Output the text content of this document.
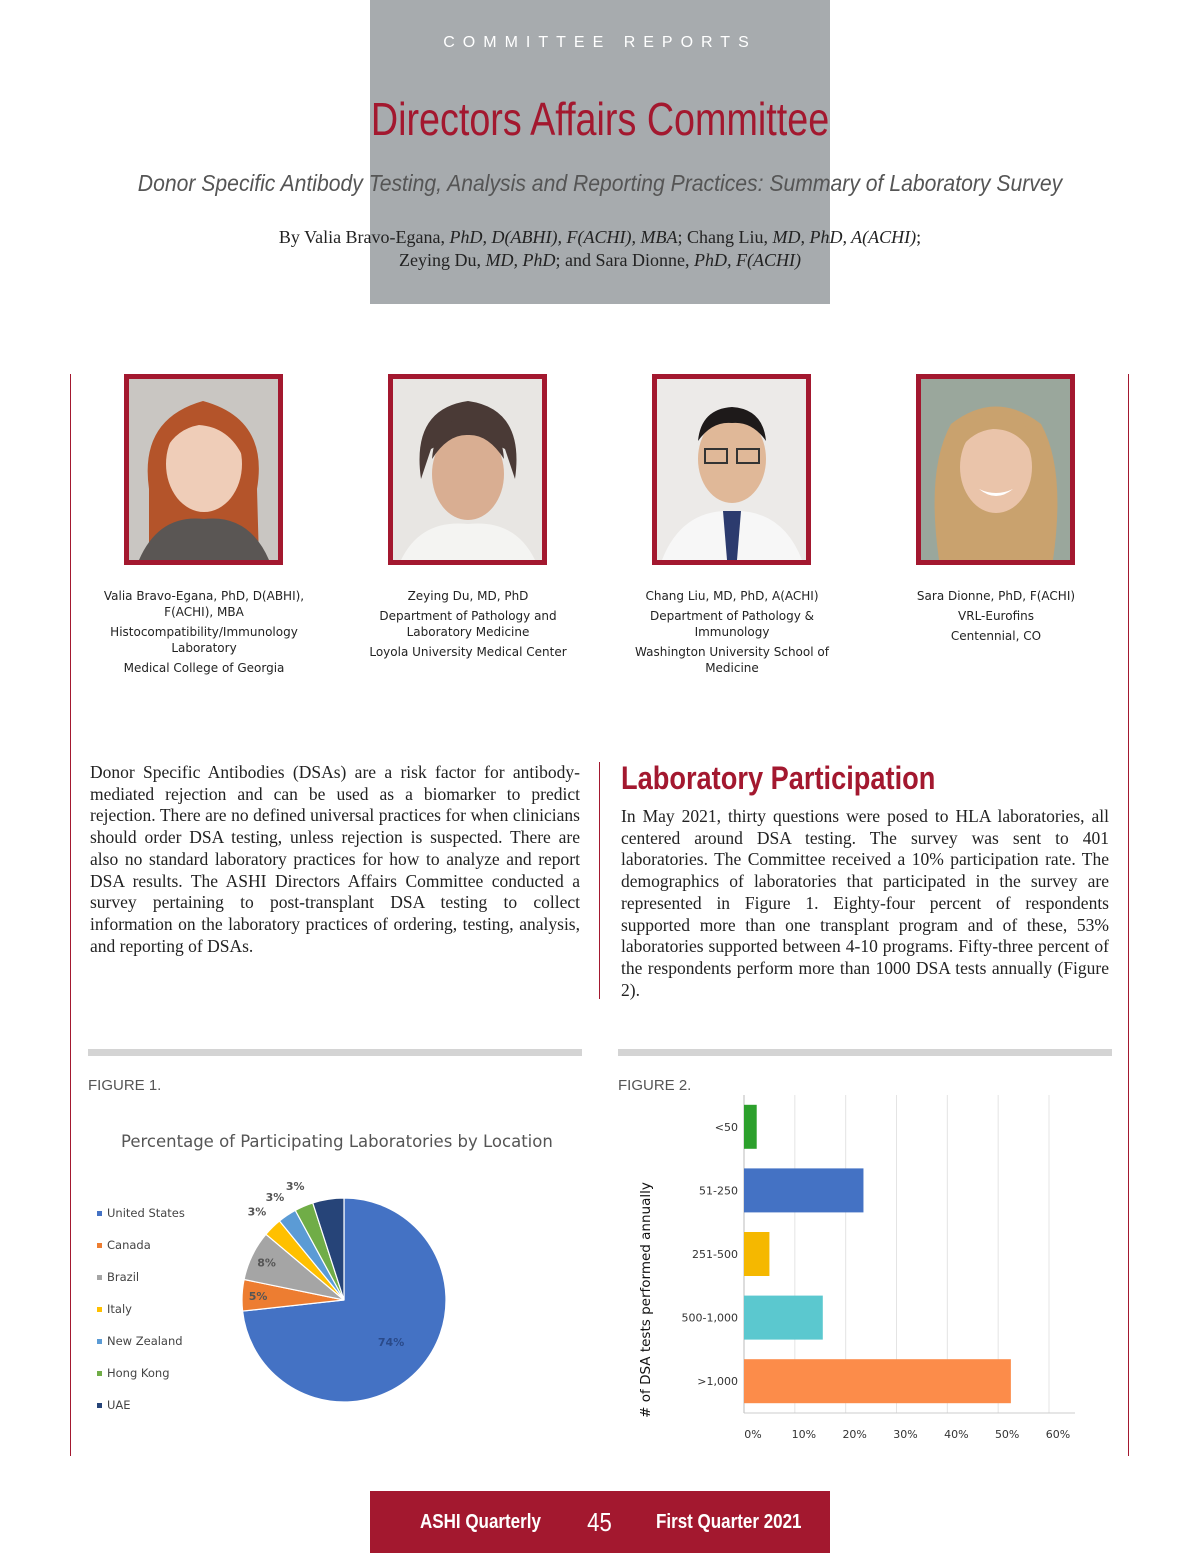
COMMITTEE REPORTS
Directors Affairs Committee
Donor Specific Antibody Testing, Analysis and Reporting Practices: Summary of Laboratory Survey
By Valia Bravo-Egana, PhD, D(ABHI), F(ACHI), MBA; Chang Liu, MD, PhD, A(ACHI);
Zeying Du, MD, PhD; and Sara Dionne, PhD, F(ACHI)
Valia Bravo-Egana, PhD, D(ABHI), F(ACHI), MBA
Histocompatibility/Immunology Laboratory
Medical College of Georgia
Zeying Du, MD, PhD
Department of Pathology and Laboratory Medicine
Loyola University Medical Center
Chang Liu, MD, PhD, A(ACHI)
Department of Pathology & Immunology
Washington University School of Medicine
Sara Dionne, PhD, F(ACHI)
VRL-Eurofins
Centennial, CO

Donor Specific Antibodies (DSAs) are a risk factor for antibody-mediated rejection and can be used as a biomarker to predict rejection. There are no defined universal practices for when clinicians should order DSA testing, unless rejection is suspected. There are also no standard laboratory practices for how to analyze and report DSA results. The ASHI Directors Affairs Committee conducted a survey pertaining to post-transplant DSA testing to collect information on the laboratory practices of ordering, testing, analysis, and reporting of DSAs.

Laboratory Participation

In May 2021, thirty questions were posed to HLA laboratories, all centered around DSA testing. The survey was sent to 401 laboratories. The Committee received a 10% participation rate. The demographics of laboratories that participated in the survey are represented in Figure 1. Eighty-four percent of respondents supported more than one transplant program and of these, 53% laboratories supported between 4-10 programs. Fifty-three percent of the respondents perform more than 1000 DSA tests annually (Figure 2).

FIGURE 1.	FIGURE 2.
Percentage of Participating Laboratories by Location
United States
Canada
Brazil
Italy
New Zealand
Hong Kong
UAE
74%
5%
8%
3%
3%
3%	# of DSA tests performed annually
<50
51-250
251-500
500-1,000
>1,000
0%	10% 20% 30% 40% 50% 60%
ASHI Quarterly 45 First Quarter 2021
